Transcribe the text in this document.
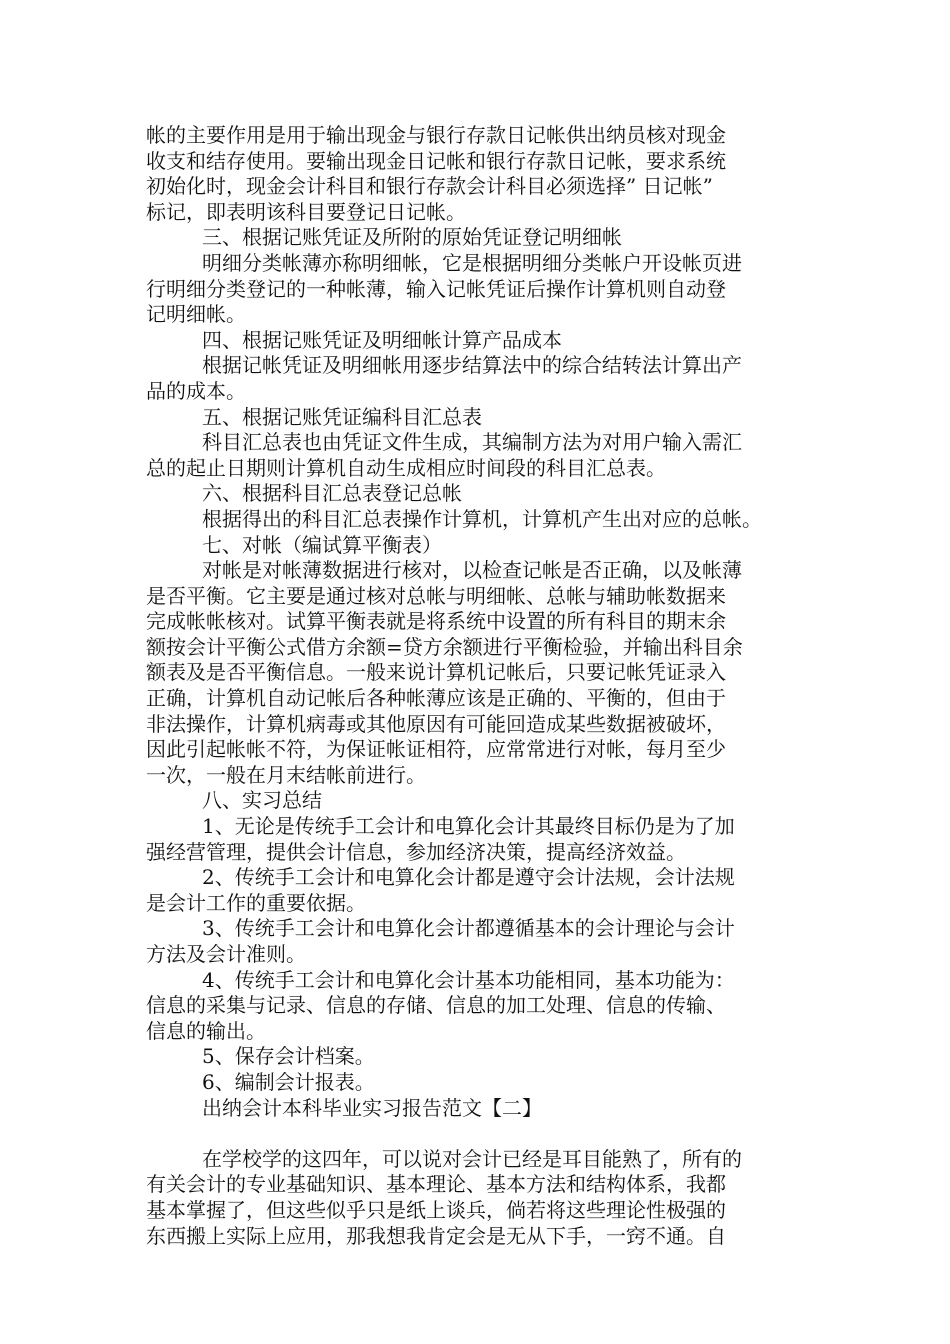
帐的主要作用是用于输出现金与银行存款日记帐供出纳员核对现金

收支和结存使用。要输出现金日记帐和银行存款日记帐，要求系统

初始化时，现金会计科目和银行存款会计科目必须选择” 日记帐”

标记，即表明该科目要登记日记帐。

三、根据记账凭证及所附的原始凭证登记明细帐

明细分类帐薄亦称明细帐，它是根据明细分类帐户开设帐页进

行明细分类登记的一种帐薄，输入记帐凭证后操作计算机则自动登

记明细帐。

四、根据记账凭证及明细帐计算产品成本

根据记帐凭证及明细帐用逐步结算法中的综合结转法计算出产

品的成本。

五、根据记账凭证编科目汇总表

科目汇总表也由凭证文件生成，其编制方法为对用户输入需汇

总的起止日期则计算机自动生成相应时间段的科目汇总表。

六、根据科目汇总表登记总帐

根据得出的科目汇总表操作计算机，计算机产生出对应的总帐。

七、对帐（编试算平衡表）

对帐是对帐薄数据进行核对，以检查记帐是否正确，以及帐薄

是否平衡。它主要是通过核对总帐与明细帐、总帐与辅助帐数据来

完成帐帐核对。试算平衡表就是将系统中设置的所有科目的期末余

额按会计平衡公式借方余额=贷方余额进行平衡检验，并输出科目余

额表及是否平衡信息。一般来说计算机记帐后，只要记帐凭证录入

正确，计算机自动记帐后各种帐薄应该是正确的、平衡的，但由于

非法操作，计算机病毒或其他原因有可能回造成某些数据被破坏，

因此引起帐帐不符，为保证帐证相符，应常常进行对帐，每月至少

一次，一般在月末结帐前进行。

八、实习总结

1、无论是传统手工会计和电算化会计其最终目标仍是为了加

强经营管理，提供会计信息，参加经济决策，提高经济效益。

2、传统手工会计和电算化会计都是遵守会计法规，会计法规

是会计工作的重要依据。

3、传统手工会计和电算化会计都遵循基本的会计理论与会计

方法及会计准则。

4、传统手工会计和电算化会计基本功能相同，基本功能为：

信息的采集与记录、信息的存储、信息的加工处理、信息的传输、

信息的输出。

5、保存会计档案。

6、编制会计报表。

出纳会计本科毕业实习报告范文【二】

在学校学的这四年，可以说对会计已经是耳目能熟了，所有的

有关会计的专业基础知识、基本理论、基本方法和结构体系，我都

基本掌握了，但这些似乎只是纸上谈兵，倘若将这些理论性极强的

东西搬上实际上应用，那我想我肯定会是无从下手，一窍不通。自
